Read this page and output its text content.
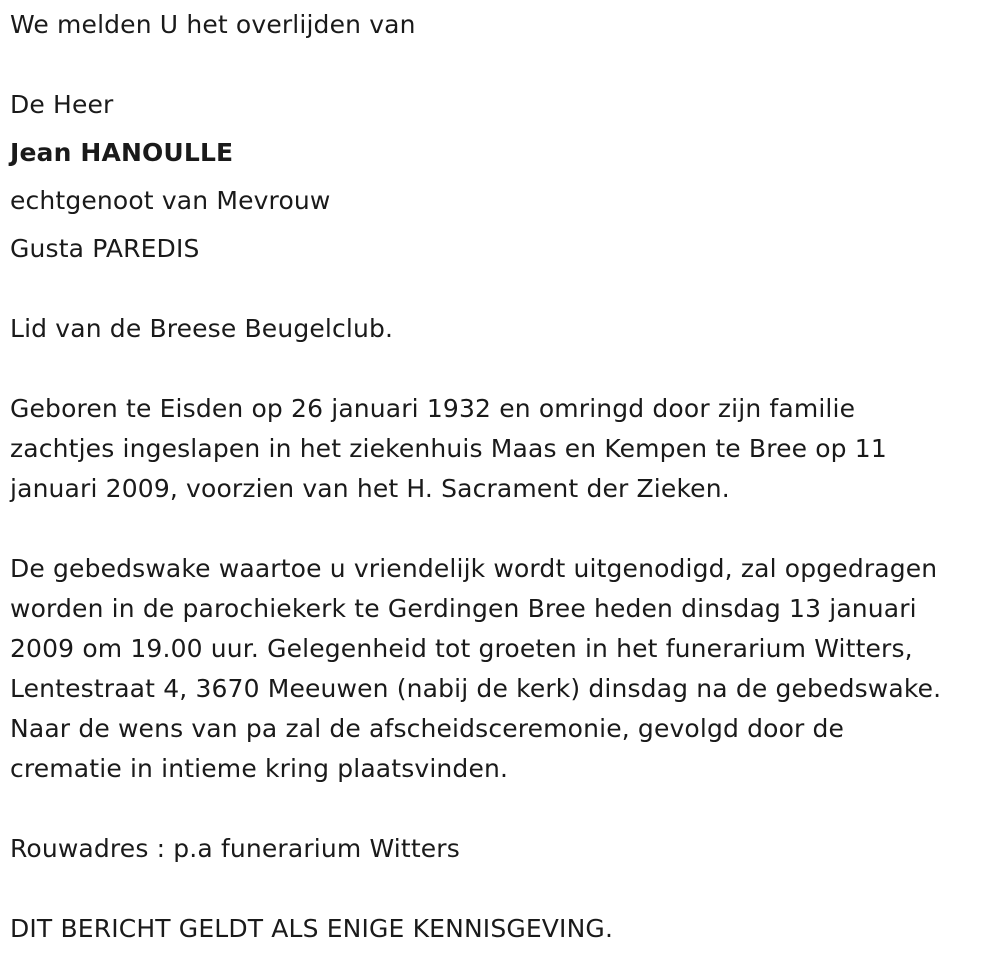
We melden U het overlijden van
De Heer
Jean HANOULLE
echtgenoot van Mevrouw
Gusta PAREDIS
Lid van de Breese Beugelclub.
Geboren te Eisden op 26 januari 1932 en omringd door zijn familie
zachtjes ingeslapen in het ziekenhuis Maas en Kempen te Bree op 11
januari 2009, voorzien van het H. Sacrament der Zieken.
De gebedswake waartoe u vriendelijk wordt uitgenodigd, zal opgedragen
worden in de parochiekerk te Gerdingen Bree heden dinsdag 13 januari
2009 om 19.00 uur. Gelegenheid tot groeten in het funerarium Witters,
Lentestraat 4, 3670 Meeuwen (nabij de kerk) dinsdag na de gebedswake.
Naar de wens van pa zal de afscheidsceremonie, gevolgd door de
crematie in intieme kring plaatsvinden.
Rouwadres : p.a funerarium Witters
DIT BERICHT GELDT ALS ENIGE KENNISGEVING.
